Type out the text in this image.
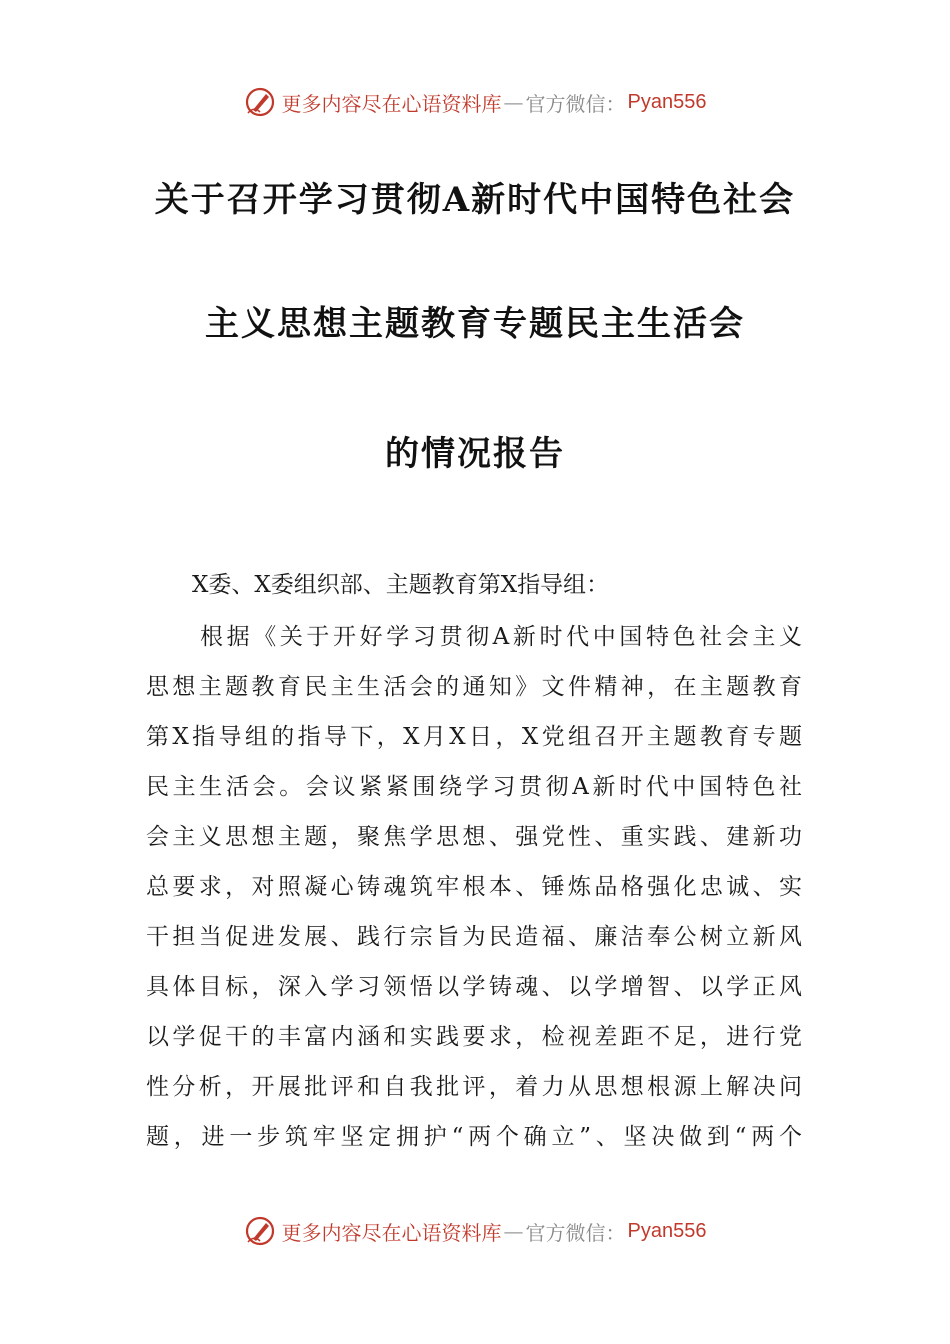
更多内容尽在心语资料库 — 官方微信： Pyan556
关于召开学习贯彻A新时代中国特色社会
主义思想主题教育专题民主生活会
的情况报告
X委、X委组织部、主题教育第X指导组：
根据《关于开好学习贯彻A新时代中国特色社会主义
思想主题教育民主生活会的通知》文件精神，在主题教育
第X指导组的指导下，X月X日，X党组召开主题教育专题
民主生活会。会议紧紧围绕学习贯彻A新时代中国特色社
会主义思想主题，聚焦学思想、强党性、重实践、建新功
总要求，对照凝心铸魂筑牢根本、锤炼品格强化忠诚、实
干担当促进发展、践行宗旨为民造福、廉洁奉公树立新风
具体目标，深入学习领悟以学铸魂、以学增智、以学正风
以学促干的丰富内涵和实践要求，检视差距不足，进行党
性分析，开展批评和自我批评，着力从思想根源上解决问
题，进一步筑牢坚定拥护“两个确立”、坚决做到“两个
更多内容尽在心语资料库 — 官方微信： Pyan556
